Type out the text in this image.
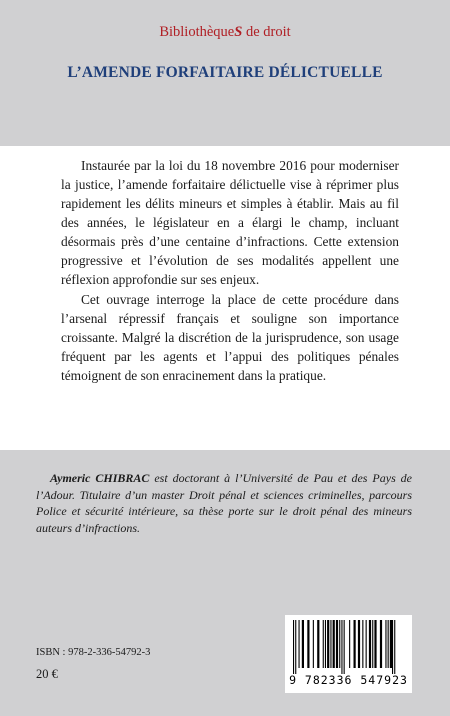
BibliothèqueS de droit
L’AMENDE FORFAITAIRE DÉLICTUELLE

Instaurée par la loi du 18 novembre 2016 pour moderniser la justice, l’amende forfaitaire délictuelle vise à réprimer plus rapidement les délits mineurs et simples à établir. Mais au fil des années, le législateur en a élargi le champ, incluant désormais près d’une centaine d’infractions. Cette extension progressive et l’évolution de ses modalités appellent une réflexion approfondie sur ses enjeux.

Cet ouvrage interroge la place de cette procédure dans l’arsenal répressif français et souligne son importance croissante. Malgré la discrétion de la jurisprudence, son usage fréquent par les agents et l’appui des politiques pénales témoignent de son enracinement dans la pratique.

Aymeric CHIBRAC est doctorant à l’Université de Pau et des Pays de l’Adour. Titulaire d’un master Droit pénal et sciences criminelles, parcours Police et sécurité intérieure, sa thèse porte sur le droit pénal des mineurs auteurs d’infractions.

ISBN : 978-2-336-54792-3
20 €	9 782336 547923
